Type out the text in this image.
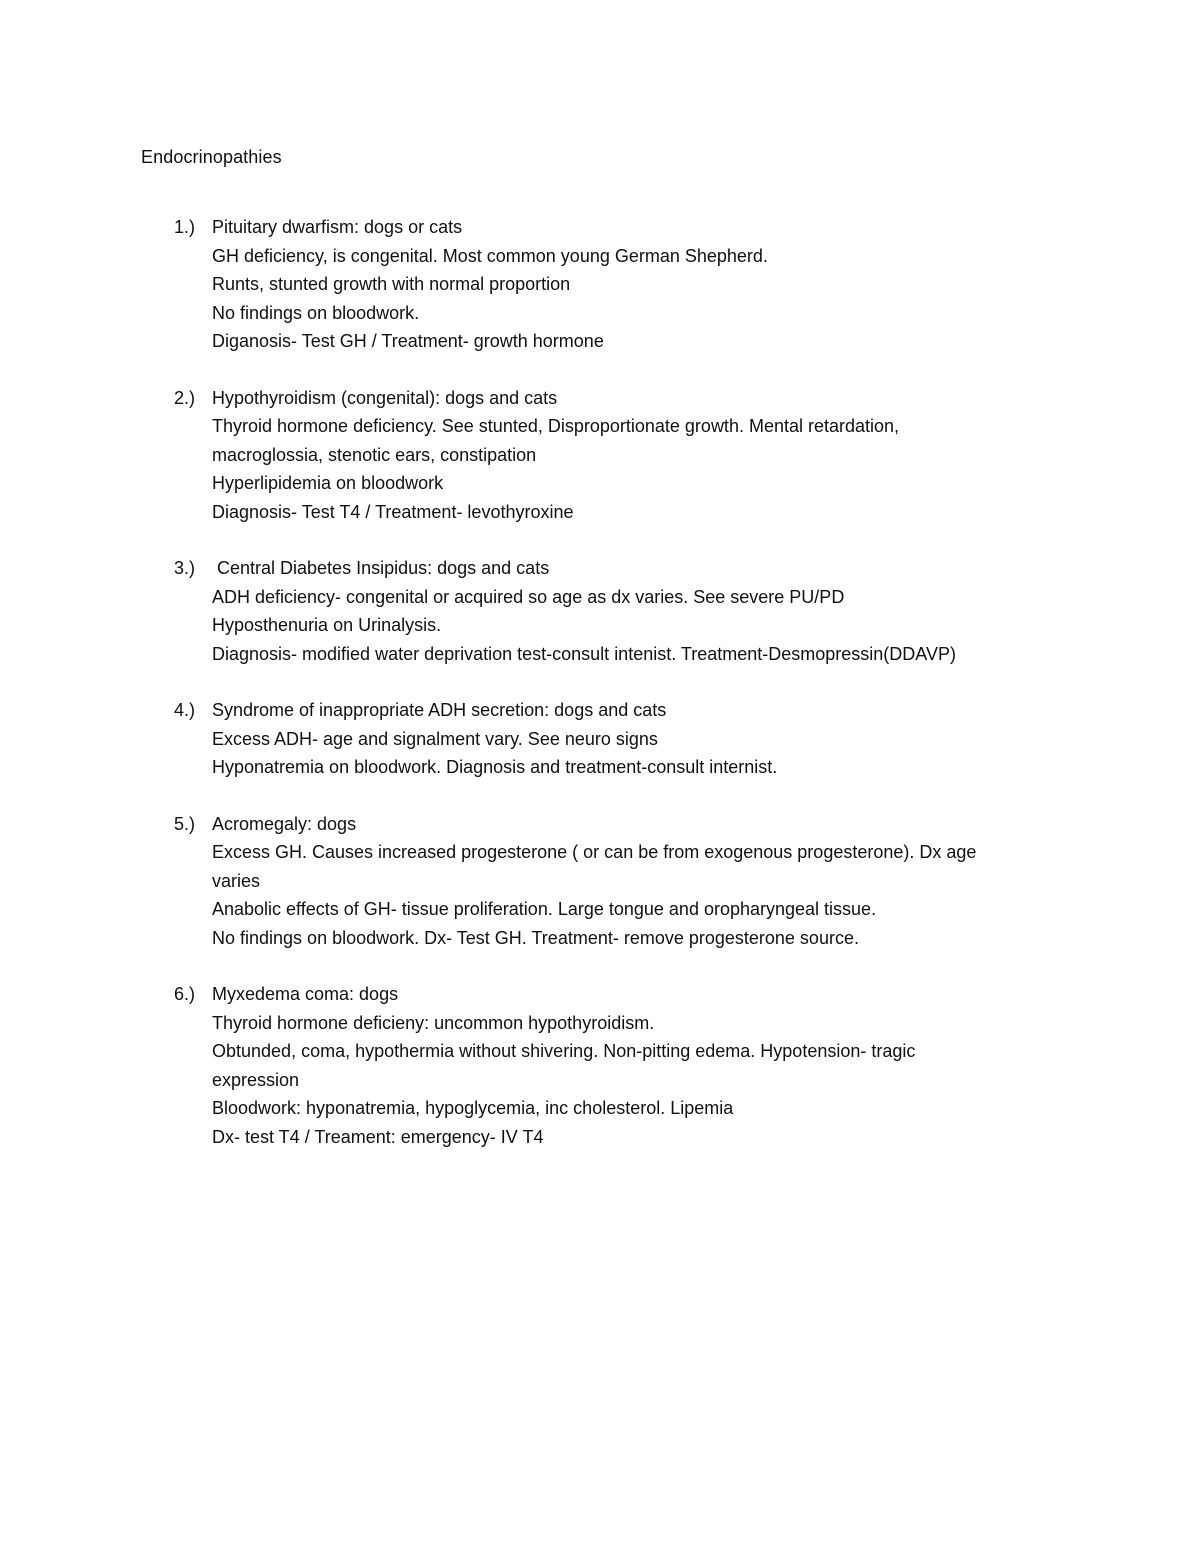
Endocrinopathies
1.) Pituitary dwarfism: dogs or cats
GH deficiency, is congenital. Most common young German Shepherd.
Runts, stunted growth with normal proportion
No findings on bloodwork.
Diganosis- Test GH / Treatment- growth hormone
2.) Hypothyroidism (congenital): dogs and cats
Thyroid hormone deficiency. See stunted, Disproportionate growth. Mental retardation,
macroglossia, stenotic ears, constipation
Hyperlipidemia on bloodwork
Diagnosis- Test T4 / Treatment- levothyroxine
3.) Central Diabetes Insipidus: dogs and cats
ADH deficiency- congenital or acquired so age as dx varies. See severe PU/PD
Hyposthenuria on Urinalysis.
Diagnosis- modified water deprivation test-consult intenist. Treatment-Desmopressin(DDAVP)
4.) Syndrome of inappropriate ADH secretion: dogs and cats
Excess ADH- age and signalment vary. See neuro signs
Hyponatremia on bloodwork. Diagnosis and treatment-consult internist.
5.) Acromegaly: dogs
Excess GH. Causes increased progesterone ( or can be from exogenous progesterone). Dx age
varies
Anabolic effects of GH- tissue proliferation. Large tongue and oropharyngeal tissue.
No findings on bloodwork. Dx- Test GH. Treatment- remove progesterone source.
6.) Myxedema coma: dogs
Thyroid hormone deficieny: uncommon hypothyroidism.
Obtunded, coma, hypothermia without shivering. Non-pitting edema. Hypotension- tragic
expression
Bloodwork: hyponatremia, hypoglycemia, inc cholesterol. Lipemia
Dx- test T4 / Treament: emergency- IV T4
